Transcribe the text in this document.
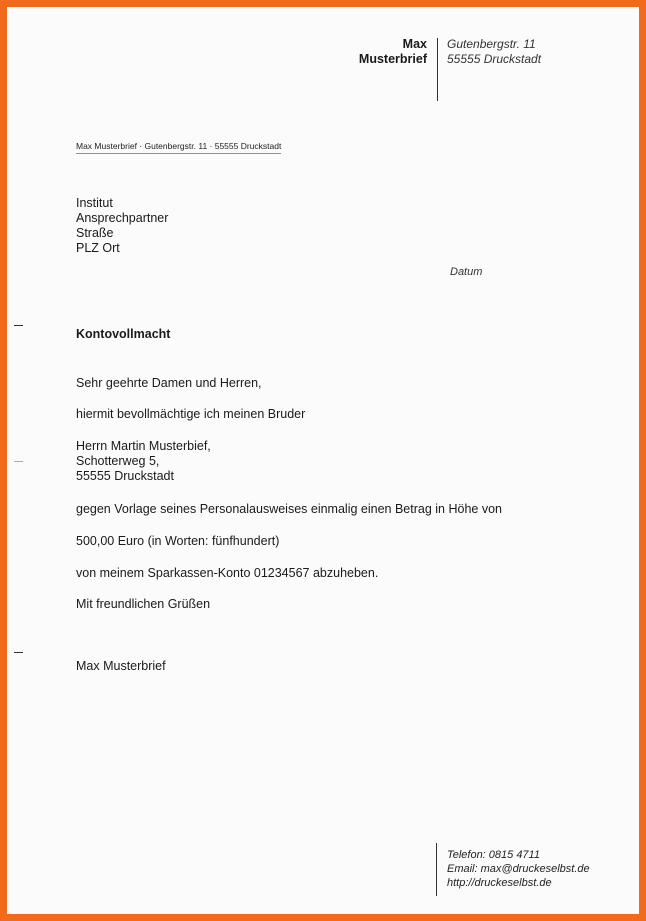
Max
Musterbrief
Gutenbergstr. 11
55555 Druckstadt
Max Musterbrief · Gutenbergstr. 11 · 55555 Druckstadt
Institut
Ansprechpartner
Straße
PLZ Ort
Datum
Kontovollmacht
Sehr geehrte Damen und Herren,
hiermit bevollmächtige ich meinen Bruder
Herrn Martin Musterbief,
Schotterweg 5,
55555 Druckstadt
gegen Vorlage seines Personalausweises einmalig einen Betrag in Höhe von
500,00 Euro (in Worten: fünfhundert)
von meinem Sparkassen-Konto 01234567 abzuheben.
Mit freundlichen Grüßen
Max Musterbrief
Telefon: 0815 4711
Email: max@druckeselbst.de
http://druckeselbst.de
